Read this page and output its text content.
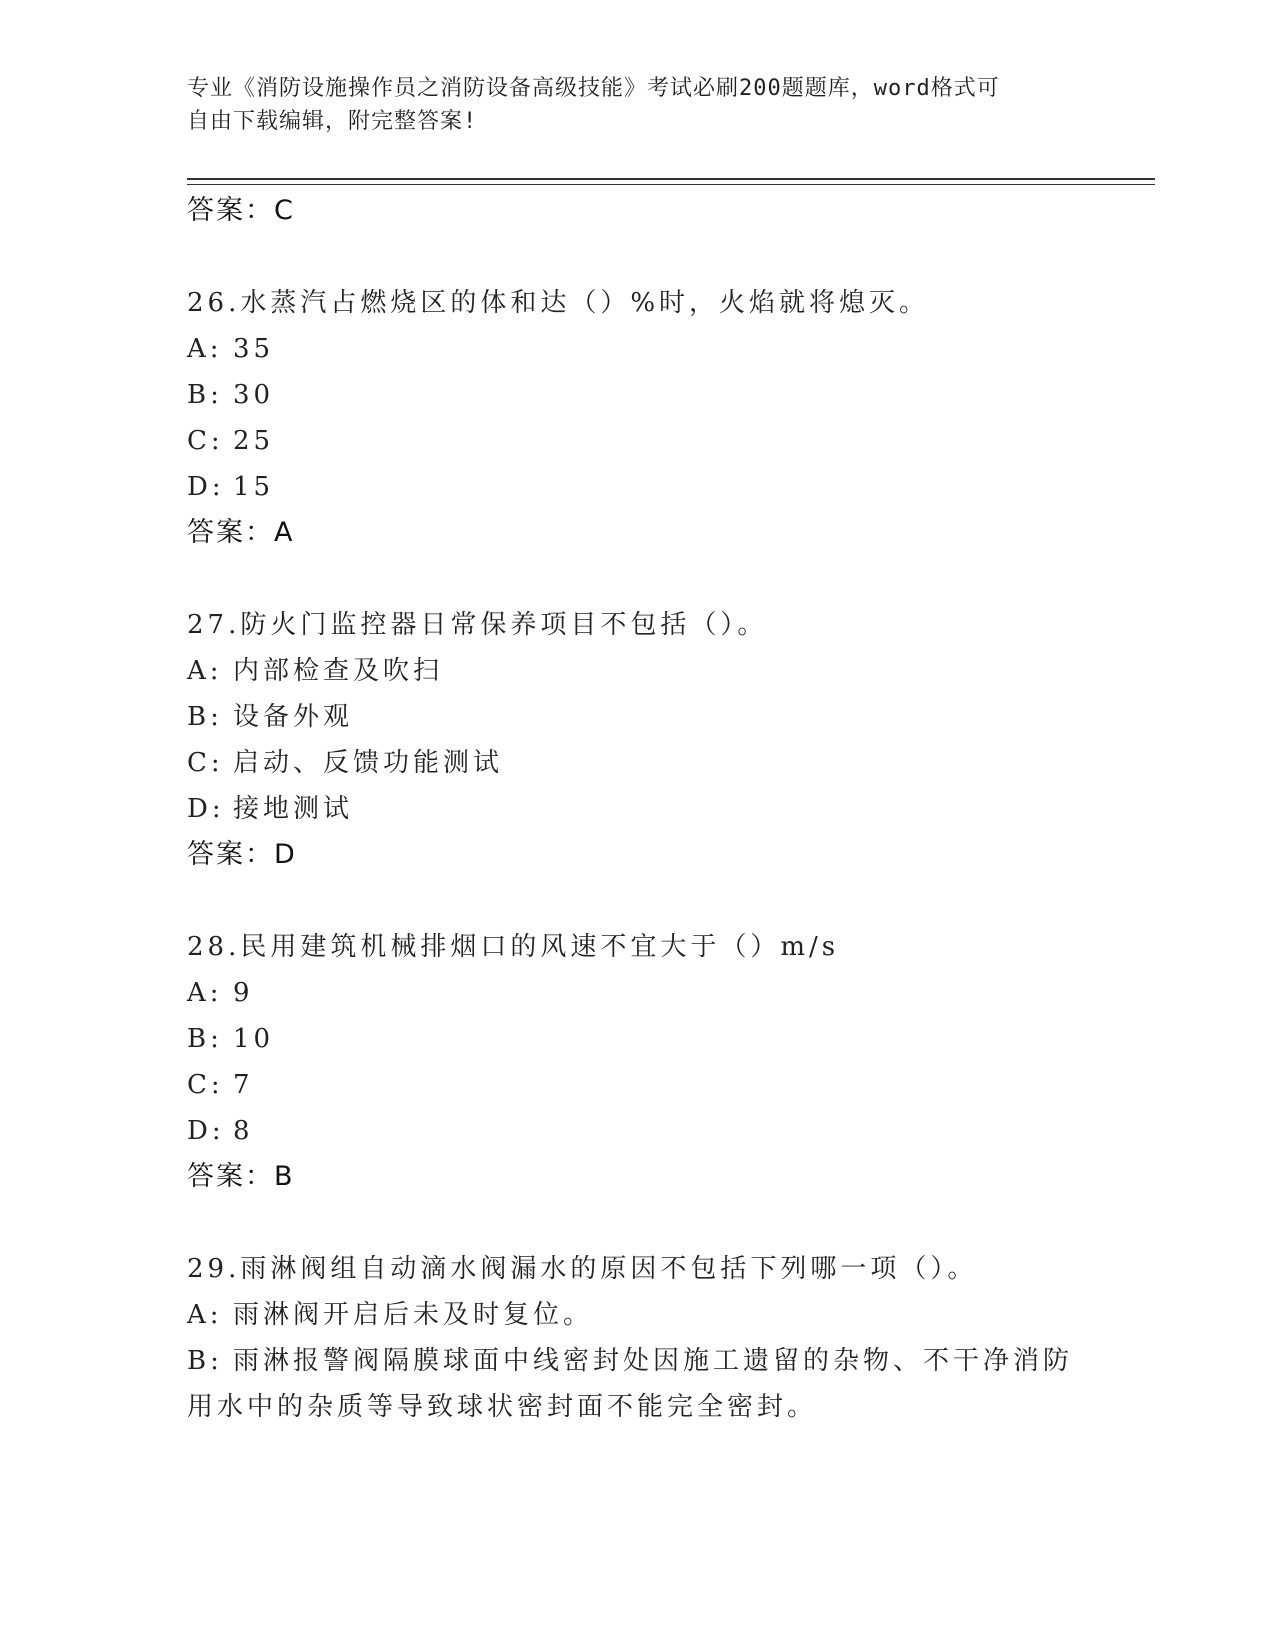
专业《消防设施操作员之消防设备高级技能》考试必刷200题题库，word格式可
自由下载编辑，附完整答案!
答案：C
26.水蒸汽占燃烧区的体和达（）%时，火焰就将熄灭。
A: 35
B: 30
C: 25
D: 15
答案：A
27.防火门监控器日常保养项目不包括（）。
A: 内部检查及吹扫
B: 设备外观
C: 启动、反馈功能测试
D: 接地测试
答案：D
28.民用建筑机械排烟口的风速不宜大于（）m/s
A: 9
B: 10
C: 7
D: 8
答案：B
29.雨淋阀组自动滴水阀漏水的原因不包括下列哪一项（）。
A: 雨淋阀开启后未及时复位。
B: 雨淋报警阀隔膜球面中线密封处因施工遗留的杂物、不干净消防用水中的杂质等导致球状密封面不能完全密封。
